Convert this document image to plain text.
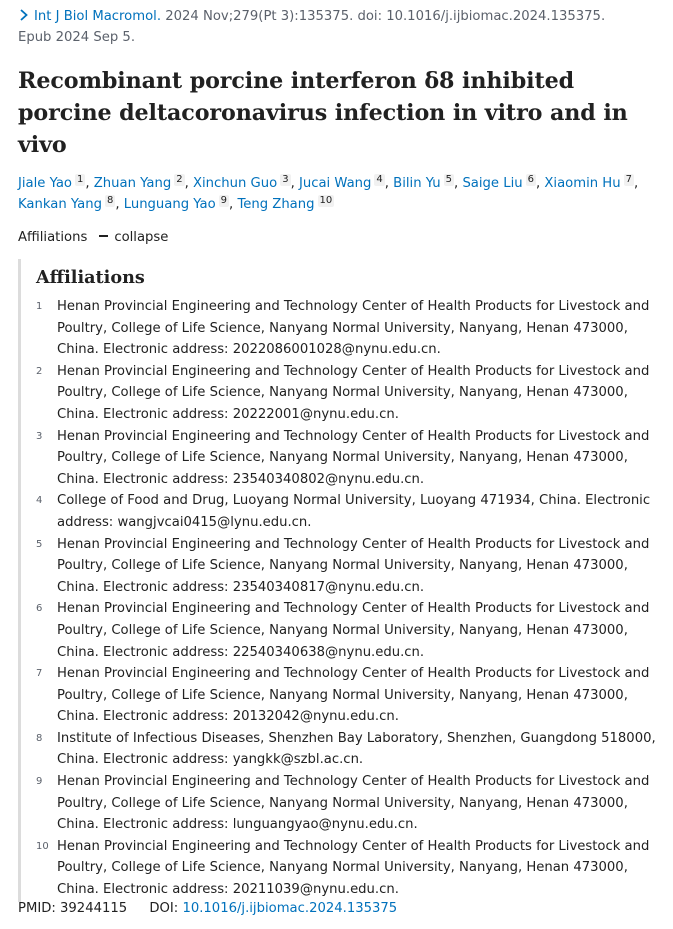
Int J Biol Macromol. 2024 Nov;279(Pt 3):135375. doi: 10.1016/j.ijbiomac.2024.135375.
Epub 2024 Sep 5.
Recombinant porcine interferon δ8 inhibited porcine deltacoronavirus infection in vitro and in vivo
Jiale Yao $^1$ , Zhuan Yang $^2$ , Xinchun Guo $^3$ , Jucai Wang $^4$ , Bilin Yu $^5$ , Saige Liu $^6$ , Xiaomin Hu $^7$ , Kankan Yang $^8$ , Lunguang Yao $^9$ , Teng Zhang $^{10}$
Affiliations collapse
Affiliations
1	Henan Provincial Engineering and Technology Center of Health Products for Livestock and Poultry, College of Life Science, Nanyang Normal University, Nanyang, Henan 473000, China. Electronic address: 2022086001028@nynu.edu.cn.
2	Henan Provincial Engineering and Technology Center of Health Products for Livestock and Poultry, College of Life Science, Nanyang Normal University, Nanyang, Henan 473000, China. Electronic address: 20222001@nynu.edu.cn.
3	Henan Provincial Engineering and Technology Center of Health Products for Livestock and Poultry, College of Life Science, Nanyang Normal University, Nanyang, Henan 473000, China. Electronic address: 23540340802@nynu.edu.cn.
4	College of Food and Drug, Luoyang Normal University, Luoyang 471934, China. Electronic address: wangjvcai0415@lynu.edu.cn.
5	Henan Provincial Engineering and Technology Center of Health Products for Livestock and Poultry, College of Life Science, Nanyang Normal University, Nanyang, Henan 473000, China. Electronic address: 23540340817@nynu.edu.cn.
6	Henan Provincial Engineering and Technology Center of Health Products for Livestock and Poultry, College of Life Science, Nanyang Normal University, Nanyang, Henan 473000, China. Electronic address: 22540340638@nynu.edu.cn.
7	Henan Provincial Engineering and Technology Center of Health Products for Livestock and Poultry, College of Life Science, Nanyang Normal University, Nanyang, Henan 473000, China. Electronic address: 20132042@nynu.edu.cn.
8	Institute of Infectious Diseases, Shenzhen Bay Laboratory, Shenzhen, Guangdong 518000, China. Electronic address: yangkk@szbl.ac.cn.
9	Henan Provincial Engineering and Technology Center of Health Products for Livestock and Poultry, College of Life Science, Nanyang Normal University, Nanyang, Henan 473000, China. Electronic address: lunguangyao@nynu.edu.cn.
10 Henan Provincial Engineering and Technology Center of Health Products for Livestock and Poultry, College of Life Science, Nanyang Normal University, Nanyang, Henan 473000, China. Electronic address: 20211039@nynu.edu.cn.
PMID: 39244115 DOI: 10.1016/j.ijbiomac.2024.135375
